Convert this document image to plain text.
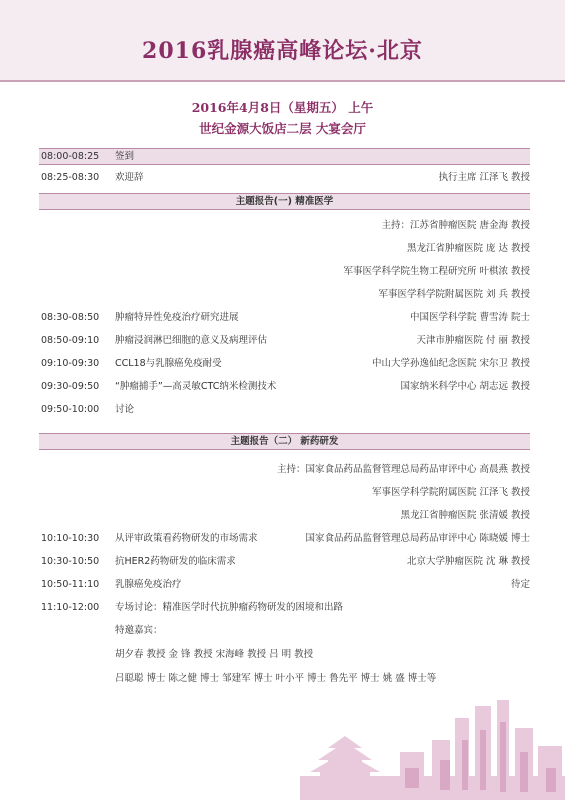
2016乳腺癌高峰论坛·北京
2016年4月8日（星期五） 上午
世纪金源大饭店二层 大宴会厅
08:00-08:25 签到
08:25-08:30 欢迎辞	执行主席 江泽飞 教授
主题报告(一) 精准医学
主持：江苏省肿瘤医院 唐金海 教授
黑龙江省肿瘤医院 庞 达 教授
军事医学科学院生物工程研究所 叶棋浓 教授
军事医学科学院附属医院 刘 兵 教授
08:30-08:50 肿瘤特异性免疫治疗研究进展	中国医学科学院 曹雪涛 院士
08:50-09:10 肿瘤浸润淋巴细胞的意义及病理评估	天津市肿瘤医院 付 丽 教授
09:10-09:30 CCL18与乳腺癌免疫耐受	中山大学孙逸仙纪念医院 宋尔卫 教授
09:30-09:50 “肿瘤捕手”—高灵敏CTC纳米检测技术	国家纳米科学中心 胡志远 教授
09:50-10:00 讨论
主题报告（二） 新药研发
主持：国家食品药品监督管理总局药品审评中心 高晨燕 教授
军事医学科学院附属医院 江泽飞 教授
黑龙江省肿瘤医院 张清媛 教授
10:10-10:30 从评审政策看药物研发的市场需求	国家食品药品监督管理总局药品审评中心 陈晓媛 博士
10:30-10:50 抗HER2药物研发的临床需求	北京大学肿瘤医院 沈 琳 教授
10:50-11:10 乳腺癌免疫治疗	待定
11:10-12:00 专场讨论：精准医学时代抗肿瘤药物研发的困境和出路
特邀嘉宾：
胡夕春 教授 金 锋 教授 宋海峰 教授 吕 明 教授
吕聪聪 博士 陈之健 博士 邹建军 博士 叶小平 博士 鲁先平 博士 姚 盛 博士等
